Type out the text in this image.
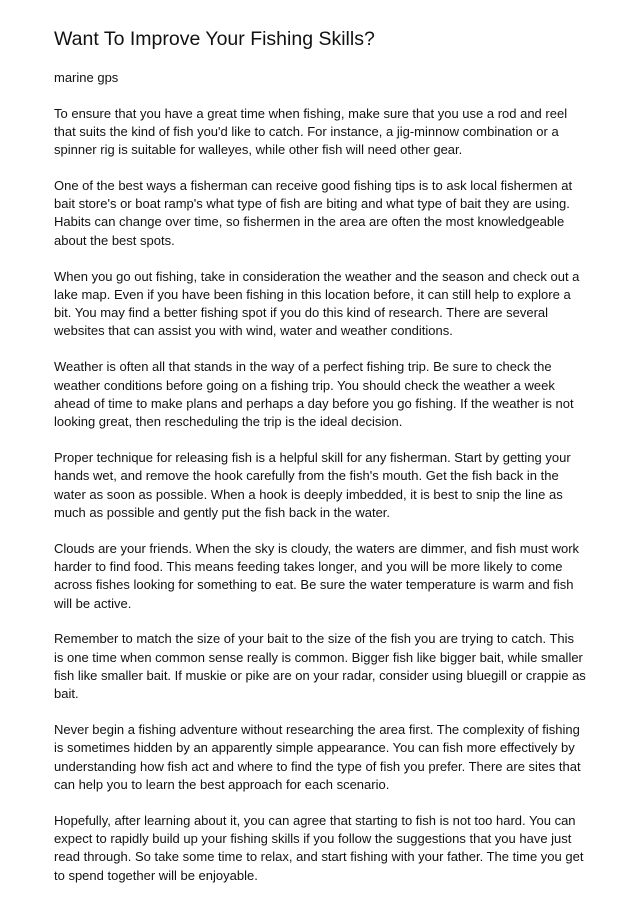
Want To Improve Your Fishing Skills?

marine gps

To ensure that you have a great time when fishing, make sure that you use a rod and reel that suits the kind of fish you'd like to catch. For instance, a jig-minnow combination or a spinner rig is suitable for walleyes, while other fish will need other gear.

One of the best ways a fisherman can receive good fishing tips is to ask local fishermen at bait store's or boat ramp's what type of fish are biting and what type of bait they are using. Habits can change over time, so fishermen in the area are often the most knowledgeable about the best spots.

When you go out fishing, take in consideration the weather and the season and check out a lake map. Even if you have been fishing in this location before, it can still help to explore a bit. You may find a better fishing spot if you do this kind of research. There are several websites that can assist you with wind, water and weather conditions.

Weather is often all that stands in the way of a perfect fishing trip. Be sure to check the weather conditions before going on a fishing trip. You should check the weather a week ahead of time to make plans and perhaps a day before you go fishing. If the weather is not looking great, then rescheduling the trip is the ideal decision.

Proper technique for releasing fish is a helpful skill for any fisherman. Start by getting your hands wet, and remove the hook carefully from the fish's mouth. Get the fish back in the water as soon as possible. When a hook is deeply imbedded, it is best to snip the line as much as possible and gently put the fish back in the water.

Clouds are your friends. When the sky is cloudy, the waters are dimmer, and fish must work harder to find food. This means feeding takes longer, and you will be more likely to come across fishes looking for something to eat. Be sure the water temperature is warm and fish will be active.

Remember to match the size of your bait to the size of the fish you are trying to catch. This is one time when common sense really is common. Bigger fish like bigger bait, while smaller fish like smaller bait. If muskie or pike are on your radar, consider using bluegill or crappie as bait.

Never begin a fishing adventure without researching the area first. The complexity of fishing is sometimes hidden by an apparently simple appearance. You can fish more effectively by understanding how fish act and where to find the type of fish you prefer. There are sites that can help you to learn the best approach for each scenario.

Hopefully, after learning about it, you can agree that starting to fish is not too hard. You can expect to rapidly build up your fishing skills if you follow the suggestions that you have just read through. So take some time to relax, and start fishing with your father. The time you get to spend together will be enjoyable.
